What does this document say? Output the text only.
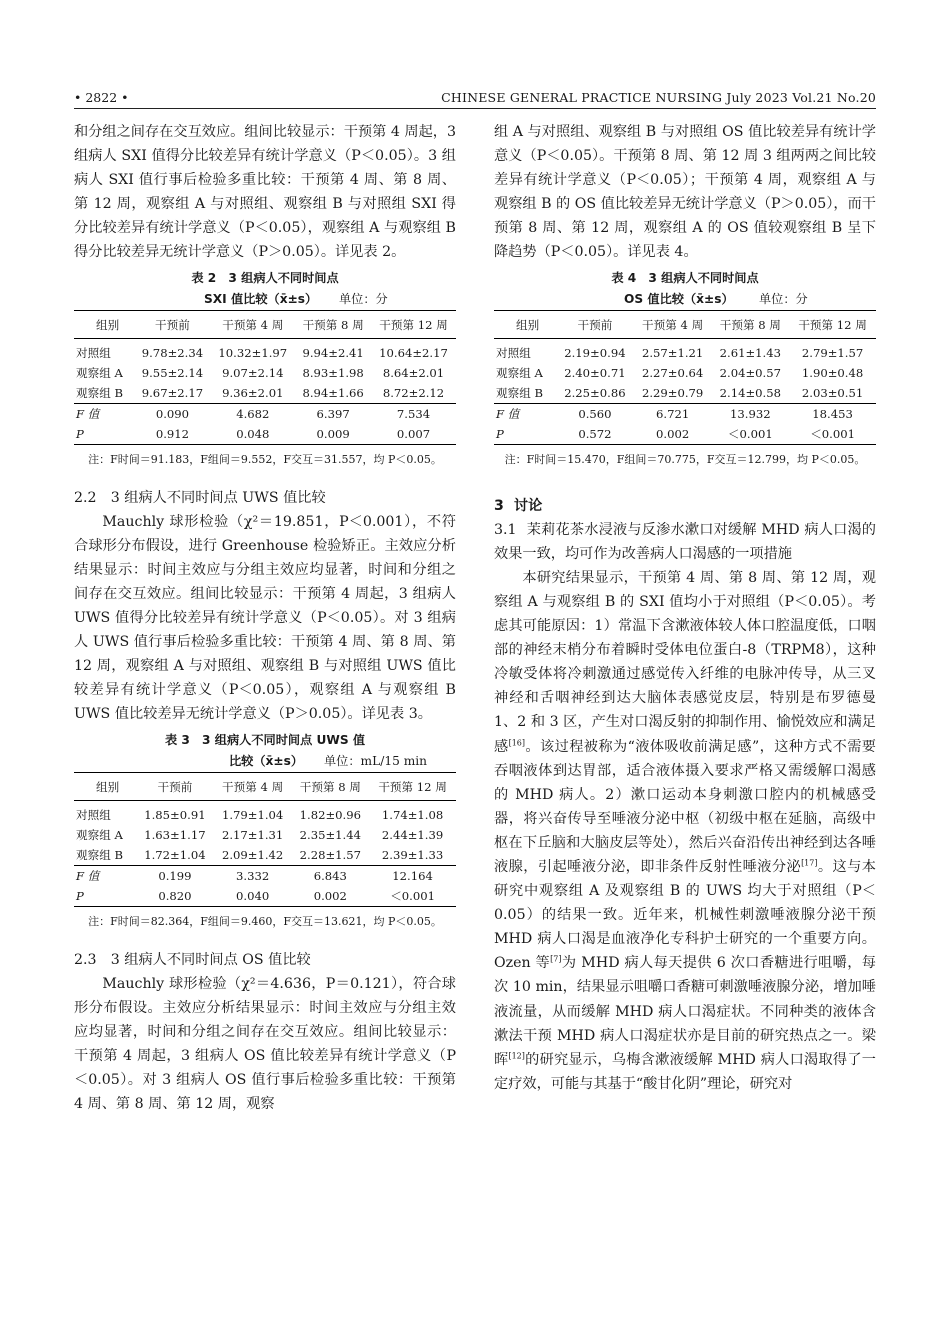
• 2822 •	CHINESE GENERAL PRACTICE NURSING July 2023 Vol.21 No.20

和分组之间存在交互效应。组间比较显示：干预第 4 周起，3 组病人 SXI 值得分比较差异有统计学意义（P＜0.05）。3 组病人 SXI 值行事后检验多重比较：干预第 4 周、第 8 周、第 12 周，观察组 A 与对照组、观察组 B 与对照组 SXI 得分比较差异有统计学意义（P＜0.05），观察组 A 与观察组 B 得分比较差异无统计学意义（P＞0.05）。详见表 2。

表 2　3 组病人不同时间点
SXI 值比较（x̄±s） 单位：分
组别	干预前	干预第 4 周	干预第 8 周	干预第 12 周
对照组	9.78±2.34	10.32±1.97	9.94±2.41	10.64±2.17
观察组 A	9.55±2.14	9.07±2.14	8.93±1.98	8.64±2.01
观察组 B	9.67±2.17	9.36±2.01	8.94±1.66	8.72±2.12
F 值	0.090	4.682	6.397	7.534
P	0.912	0.048	0.009	0.007
注：F时间＝91.183，F组间＝9.552，F交互＝31.557，均 P＜0.05。

2.2　3 组病人不同时间点 UWS 值比较

Mauchly 球形检验（χ²＝19.851，P＜0.001），不符合球形分布假设，进行 Greenhouse 检验矫正。主效应分析结果显示：时间主效应与分组主效应均显著，时间和分组之间存在交互效应。组间比较显示：干预第 4 周起，3 组病人 UWS 值得分比较差异有统计学意义（P＜0.05）。对 3 组病人 UWS 值行事后检验多重比较：干预第 4 周、第 8 周、第 12 周，观察组 A 与对照组、观察组 B 与对照组 UWS 值比较差异有统计学意义（P＜0.05），观察组 A 与观察组 B UWS 值比较差异无统计学意义（P＞0.05）。详见表 3。

表 3　3 组病人不同时间点 UWS 值
比较（x̄±s） 单位：mL/15 min
组别	干预前	干预第 4 周	干预第 8 周	干预第 12 周
对照组	1.85±0.91	1.79±1.04	1.82±0.96	1.74±1.08
观察组 A	1.63±1.17	2.17±1.31	2.35±1.44	2.44±1.39
观察组 B	1.72±1.04	2.09±1.42	2.28±1.57	2.39±1.33
F 值	0.199	3.332	6.843	12.164
P	0.820	0.040	0.002	＜0.001
注：F时间＝82.364，F组间＝9.460，F交互＝13.621，均 P＜0.05。

2.3　3 组病人不同时间点 OS 值比较

Mauchly 球形检验（χ²＝4.636，P＝0.121），符合球形分布假设。主效应分析结果显示：时间主效应与分组主效应均显著，时间和分组之间存在交互效应。组间比较显示：干预第 4 周起，3 组病人 OS 值比较差异有统计学意义（P＜0.05）。对 3 组病人 OS 值行事后检验多重比较：干预第 4 周、第 8 周、第 12 周，观察

组 A 与对照组、观察组 B 与对照组 OS 值比较差异有统计学意义（P＜0.05）。干预第 8 周、第 12 周 3 组两两之间比较差异有统计学意义（P＜0.05）；干预第 4 周，观察组 A 与观察组 B 的 OS 值比较差异无统计学意义（P＞0.05），而干预第 8 周、第 12 周，观察组 A 的 OS 值较观察组 B 呈下降趋势（P＜0.05）。详见表 4。

表 4　3 组病人不同时间点
OS 值比较（x̄±s） 单位：分
组别	干预前	干预第 4 周	干预第 8 周	干预第 12 周
对照组	2.19±0.94	2.57±1.21	2.61±1.43	2.79±1.57
观察组 A	2.40±0.71	2.27±0.64	2.04±0.57	1.90±0.48
观察组 B	2.25±0.86	2.29±0.79	2.14±0.58	2.03±0.51
F 值	0.560	6.721	13.932	18.453
P	0.572	0.002	＜0.001	＜0.001
注：F时间＝15.470，F组间＝70.775，F交互＝12.799，均 P＜0.05。

3 讨论

3.1 茉莉花茶水浸液与反渗水漱口对缓解 MHD 病人口渴的效果一致，均可作为改善病人口渴感的一项措施

本研究结果显示，干预第 4 周、第 8 周、第 12 周，观察组 A 与观察组 B 的 SXI 值均小于对照组（P＜0.05）。考虑其可能原因：1）常温下含漱液体较人体口腔温度低，口咽部的神经末梢分布着瞬时受体电位蛋白-8（TRPM8），这种冷敏受体将冷刺激通过感觉传入纤维的电脉冲传导，从三叉神经和舌咽神经到达大脑体表感觉皮层，特别是布罗德曼 1、2 和 3 区，产生对口渴反射的抑制作用、愉悦效应和满足感[16]。该过程被称为“液体吸收前满足感”，这种方式不需要吞咽液体到达胃部，适合液体摄入要求严格又需缓解口渴感的 MHD 病人。2）漱口运动本身刺激口腔内的机械感受器，将兴奋传导至唾液分泌中枢（初级中枢在延脑，高级中枢在下丘脑和大脑皮层等处），然后兴奋沿传出神经到达各唾液腺，引起唾液分泌，即非条件反射性唾液分泌[17]。这与本研究中观察组 A 及观察组 B 的 UWS 均大于对照组（P＜0.05）的结果一致。近年来，机械性刺激唾液腺分泌干预 MHD 病人口渴是血液净化专科护士研究的一个重要方向。Ozen 等[7]为 MHD 病人每天提供 6 次口香糖进行咀嚼，每次 10 min，结果显示咀嚼口香糖可刺激唾液腺分泌，增加唾液流量，从而缓解 MHD 病人口渴症状。不同种类的液体含漱法干预 MHD 病人口渴症状亦是目前的研究热点之一。梁晖[12]的研究显示，乌梅含漱液缓解 MHD 病人口渴取得了一定疗效，可能与其基于“酸甘化阴”理论，研究对
